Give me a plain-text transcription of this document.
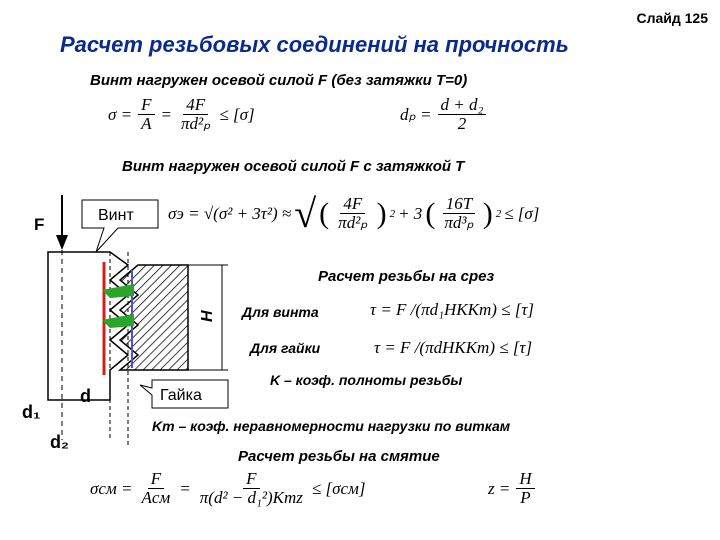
Слайд 125
Расчет резьбовых соединений на прочность
Винт нагружен осевой силой F (без затяжки T=0)
$\sigma = \frac{F}{A} = \frac{4F}{\text{πd²ₚ}} \le [\sigma]$	$d_p = \frac{\text{d + d₂}}{2}$
Винт нагружен осевой силой F с затяжкой T
σэ = √(σ² + 3τ²) ≈ √ ( $\frac{4F}{\text{πd²ₚ}}$ ) 2 + 3 ( $\frac{16T}{\text{πd³ₚ}}$ ) 2 ≤ [σ]
Расчет резьбы на срез
Для винта	τ = F /(πd₁HKKт) ≤ [τ]
Для гайки	τ = F /(πdHKKт) ≤ [τ]
K – коэф. полноты резьбы
Kт – коэф. неравномерности нагрузки по виткам
Расчет резьбы на смятие
$\sigma см = \frac{F}{\text{Aсм}} = \frac{F}{\text{π(d² − d₁²)Kтz}} \le [\sigma см]$	$z = \frac{H}{P}$
F	Винт
H
Гайка
d
d₁
d₂
